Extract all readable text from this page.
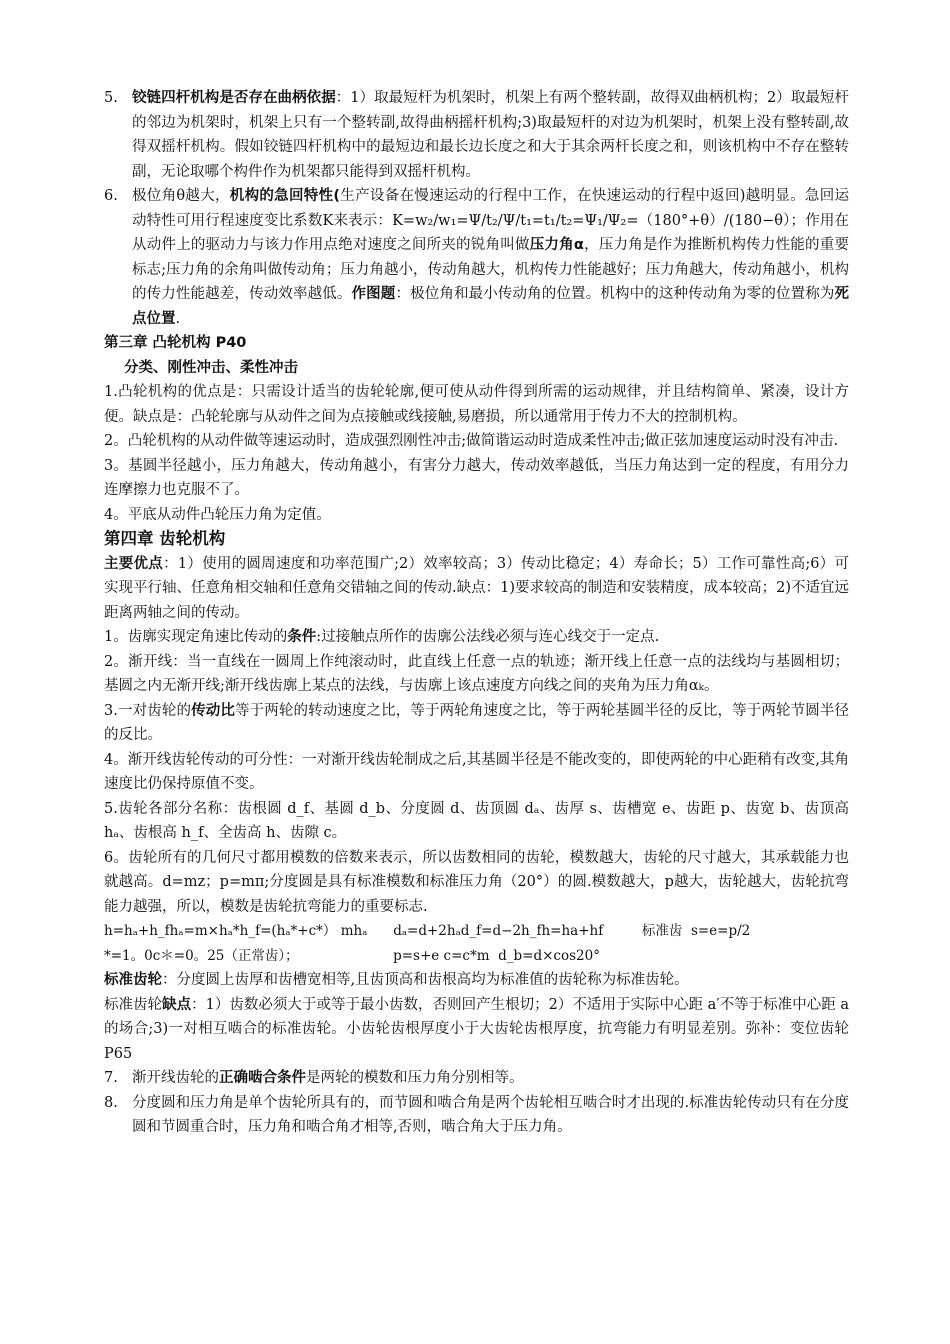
5. 铰链四杆机构是否存在曲柄依据：1）取最短杆为机架时，机架上有两个整转副，故得双曲柄机构；2）取最短杆的邻边为机架时，机架上只有一个整转副,故得曲柄摇杆机构;3)取最短杆的对边为机架时，机架上没有整转副,故得双摇杆机构。假如铰链四杆机构中的最短边和最长边长度之和大于其余两杆长度之和，则该机构中不存在整转副，无论取哪个构件作为机架都只能得到双摇杆机构。
6. 极位角θ越大，机构的急回特性(生产设备在慢速运动的行程中工作，在快速运动的行程中返回)越明显。急回运动特性可用行程速度变比系数K来表示：K=w₂/w₁=Ψ/t₂/Ψ/t₁=t₁/t₂=Ψ₁/Ψ₂=（180°+θ）/(180−θ）；作用在从动件上的驱动力与该力作用点绝对速度之间所夹的锐角叫做压力角α，压力角是作为推断机构传力性能的重要标志;压力角的余角叫做传动角；压力角越小，传动角越大，机构传力性能越好；压力角越大，传动角越小，机构的传力性能越差，传动效率越低。作图题：极位角和最小传动角的位置。机构中的这种传动角为零的位置称为死点位置.

第三章 凸轮机构 P40

分类、刚性冲击、柔性冲击

1.凸轮机构的优点是：只需设计适当的齿轮轮廓,便可使从动件得到所需的运动规律，并且结构简单、紧凑，设计方便。缺点是：凸轮轮廓与从动件之间为点接触或线接触,易磨损，所以通常用于传力不大的控制机构。

2。凸轮机构的从动件做等速运动时，造成强烈刚性冲击;做简谐运动时造成柔性冲击;做正弦加速度运动时没有冲击.

3。基圆半径越小，压力角越大，传动角越小，有害分力越大，传动效率越低，当压力角达到一定的程度，有用分力连摩擦力也克服不了。

4。平底从动件凸轮压力角为定值。

第四章 齿轮机构

主要优点：1）使用的圆周速度和功率范围广;2）效率较高；3）传动比稳定；4）寿命长；5）工作可靠性高;6）可实现平行轴、任意角相交轴和任意角交错轴之间的传动.缺点：1)要求较高的制造和安装精度，成本较高；2)不适宜远距离两轴之间的传动。

1。齿廓实现定角速比传动的条件:过接触点所作的齿廓公法线必须与连心线交于一定点.

2。渐开线：当一直线在一圆周上作纯滚动时，此直线上任意一点的轨迹；渐开线上任意一点的法线均与基圆相切；基圆之内无渐开线;渐开线齿廓上某点的法线，与齿廓上该点速度方向线之间的夹角为压力角αₖ。

3.一对齿轮的传动比等于两轮的转动速度之比，等于两轮角速度之比，等于两轮基圆半径的反比，等于两轮节圆半径的反比。

4。渐开线齿轮传动的可分性：一对渐开线齿轮制成之后,其基圆半径是不能改变的，即使两轮的中心距稍有改变,其角速度比仍保持原值不变。

5.齿轮各部分名称：齿根圆 d_f、基圆 d_b、分度圆 d、齿顶圆 dₐ、齿厚 s、齿槽宽 e、齿距 p、齿宽 b、齿顶高 hₐ、齿根高 h_f、全齿高 h、齿隙 c。

6。齿轮所有的几何尺寸都用模数的倍数来表示，所以齿数相同的齿轮，模数越大，齿轮的尺寸越大，其承载能力也就越高。d=mz；p=mπ;分度圆是具有标准模数和标准压力角（20°）的圆.模数越大，p越大，齿轮越大，齿轮抗弯能力越强，所以，模数是齿轮抗弯能力的重要标志.

h=hₐ+h_fhₐ=m×hₐ*h_f=(hₐ*+c*） mhₐ dₐ=d+2hₐd_f=d−2h_fh=ha+hf	标准齿  s=e=p/2

*=1。0c＊=0。25（正常齿）；	p=s+e c=c*m  d_b=d×cos20°

标准齿轮：分度圆上齿厚和齿槽宽相等,且齿顶高和齿根高均为标准值的齿轮称为标准齿轮。

标准齿轮缺点：1）齿数必须大于或等于最小齿数，否则回产生根切；2）不适用于实际中心距 a′不等于标准中心距 a 的场合;3)一对相互啮合的标准齿轮。小齿轮齿根厚度小于大齿轮齿根厚度，抗弯能力有明显差别。弥补：变位齿轮 P65

7. 渐开线齿轮的正确啮合条件是两轮的模数和压力角分别相等。
8. 分度圆和压力角是单个齿轮所具有的，而节圆和啮合角是两个齿轮相互啮合时才出现的.标准齿轮传动只有在分度圆和节圆重合时，压力角和啮合角才相等,否则，啮合角大于压力角。
